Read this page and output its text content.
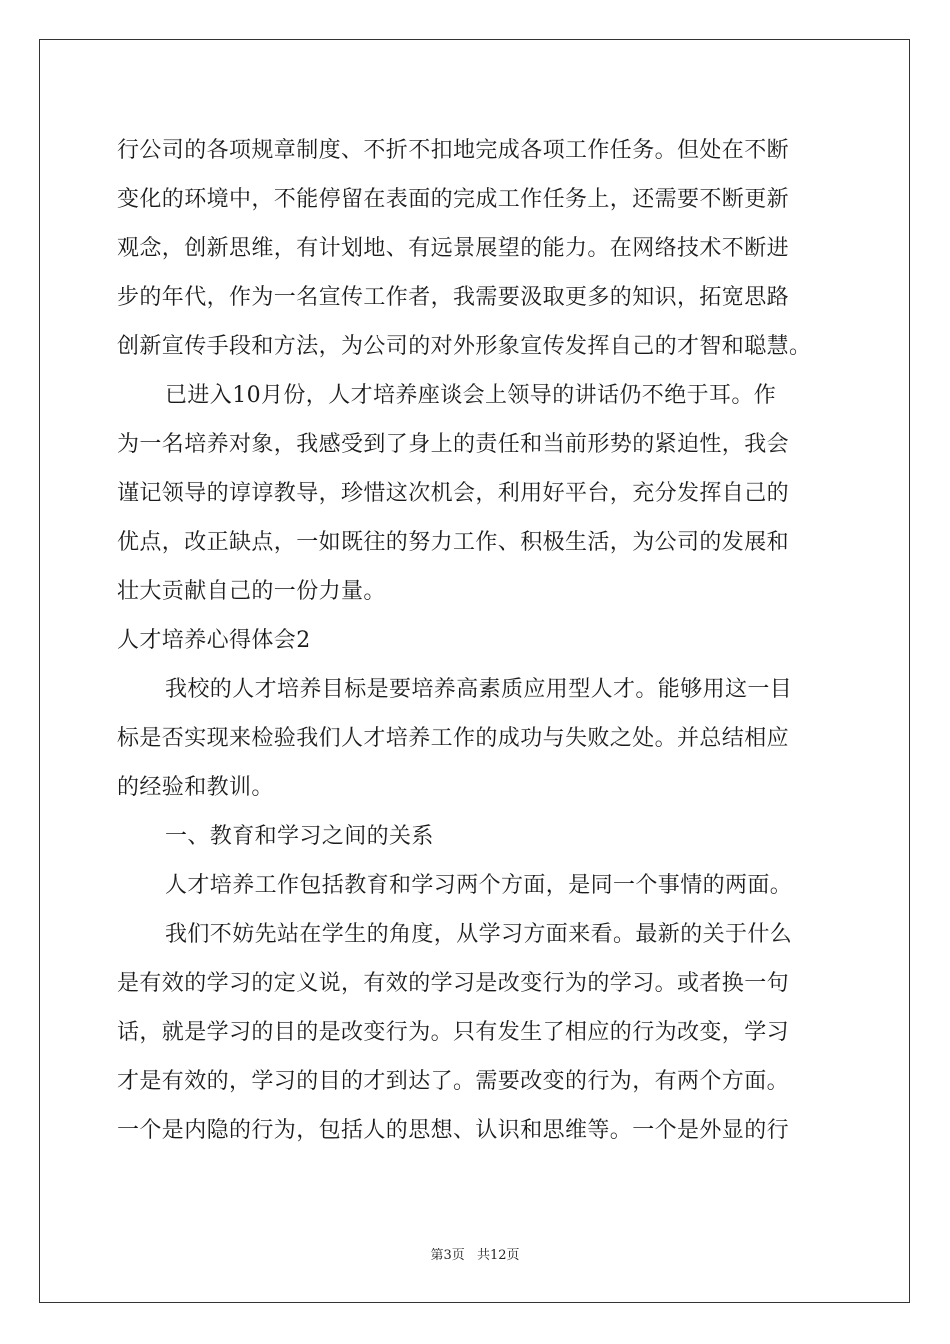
行公司的各项规章制度、不折不扣地完成各项工作任务。但处在不断
变化的环境中，不能停留在表面的完成工作任务上，还需要不断更新
观念，创新思维，有计划地、有远景展望的能力。在网络技术不断进
步的年代，作为一名宣传工作者，我需要汲取更多的知识，拓宽思路
创新宣传手段和方法，为公司的对外形象宣传发挥自己的才智和聪慧。
已进入10月份，人才培养座谈会上领导的讲话仍不绝于耳。作
为一名培养对象，我感受到了身上的责任和当前形势的紧迫性，我会
谨记领导的谆谆教导，珍惜这次机会，利用好平台，充分发挥自己的
优点，改正缺点，一如既往的努力工作、积极生活，为公司的发展和
壮大贡献自己的一份力量。
人才培养心得体会2
我校的人才培养目标是要培养高素质应用型人才。能够用这一目
标是否实现来检验我们人才培养工作的成功与失败之处。并总结相应
的经验和教训。
一、教育和学习之间的关系
人才培养工作包括教育和学习两个方面，是同一个事情的两面。
我们不妨先站在学生的角度，从学习方面来看。最新的关于什么
是有效的学习的定义说，有效的学习是改变行为的学习。或者换一句
话，就是学习的目的是改变行为。只有发生了相应的行为改变，学习
才是有效的，学习的目的才到达了。需要改变的行为，有两个方面。
一个是内隐的行为，包括人的思想、认识和思维等。一个是外显的行
第3页 共12页
